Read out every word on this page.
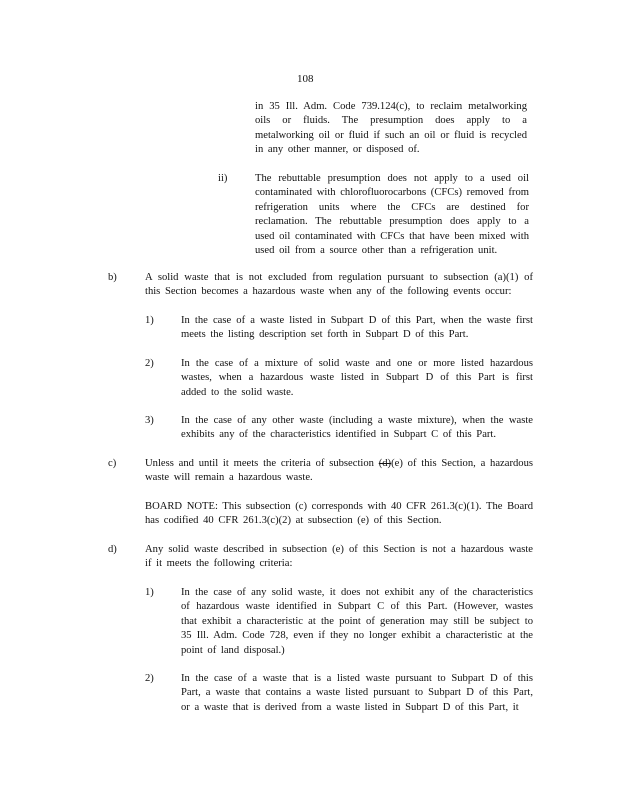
108
in 35 Ill. Adm. Code 739.124(c), to reclaim metalworking oils or fluids. The presumption does apply to a metalworking oil or fluid if such an oil or fluid is recycled in any other manner, or disposed of.
ii)	The rebuttable presumption does not apply to a used oil contaminated with chlorofluorocarbons (CFCs) removed from refrigeration units where the CFCs are destined for reclamation. The rebuttable presumption does apply to a used oil contaminated with CFCs that have been mixed with used oil from a source other than a refrigeration unit.
b)	A solid waste that is not excluded from regulation pursuant to subsection (a)(1) of this Section becomes a hazardous waste when any of the following events occur:
1)	In the case of a waste listed in Subpart D of this Part, when the waste first meets the listing description set forth in Subpart D of this Part.
2)	In the case of a mixture of solid waste and one or more listed hazardous wastes, when a hazardous waste listed in Subpart D of this Part is first added to the solid waste.
3)	In the case of any other waste (including a waste mixture), when the waste exhibits any of the characteristics identified in Subpart C of this Part.
c)	Unless and until it meets the criteria of subsection (d)(e) of this Section, a hazardous waste will remain a hazardous waste.
BOARD NOTE: This subsection (c) corresponds with 40 CFR 261.3(c)(1). The Board has codified 40 CFR 261.3(c)(2) at subsection (e) of this Section.
d)	Any solid waste described in subsection (e) of this Section is not a hazardous waste if it meets the following criteria:
1)	In the case of any solid waste, it does not exhibit any of the characteristics of hazardous waste identified in Subpart C of this Part. (However, wastes that exhibit a characteristic at the point of generation may still be subject to 35 Ill. Adm. Code 728, even if they no longer exhibit a characteristic at the point of land disposal.)
2)	In the case of a waste that is a listed waste pursuant to Subpart D of this Part, a waste that contains a waste listed pursuant to Subpart D of this Part, or a waste that is derived from a waste listed in Subpart D of this Part, it
